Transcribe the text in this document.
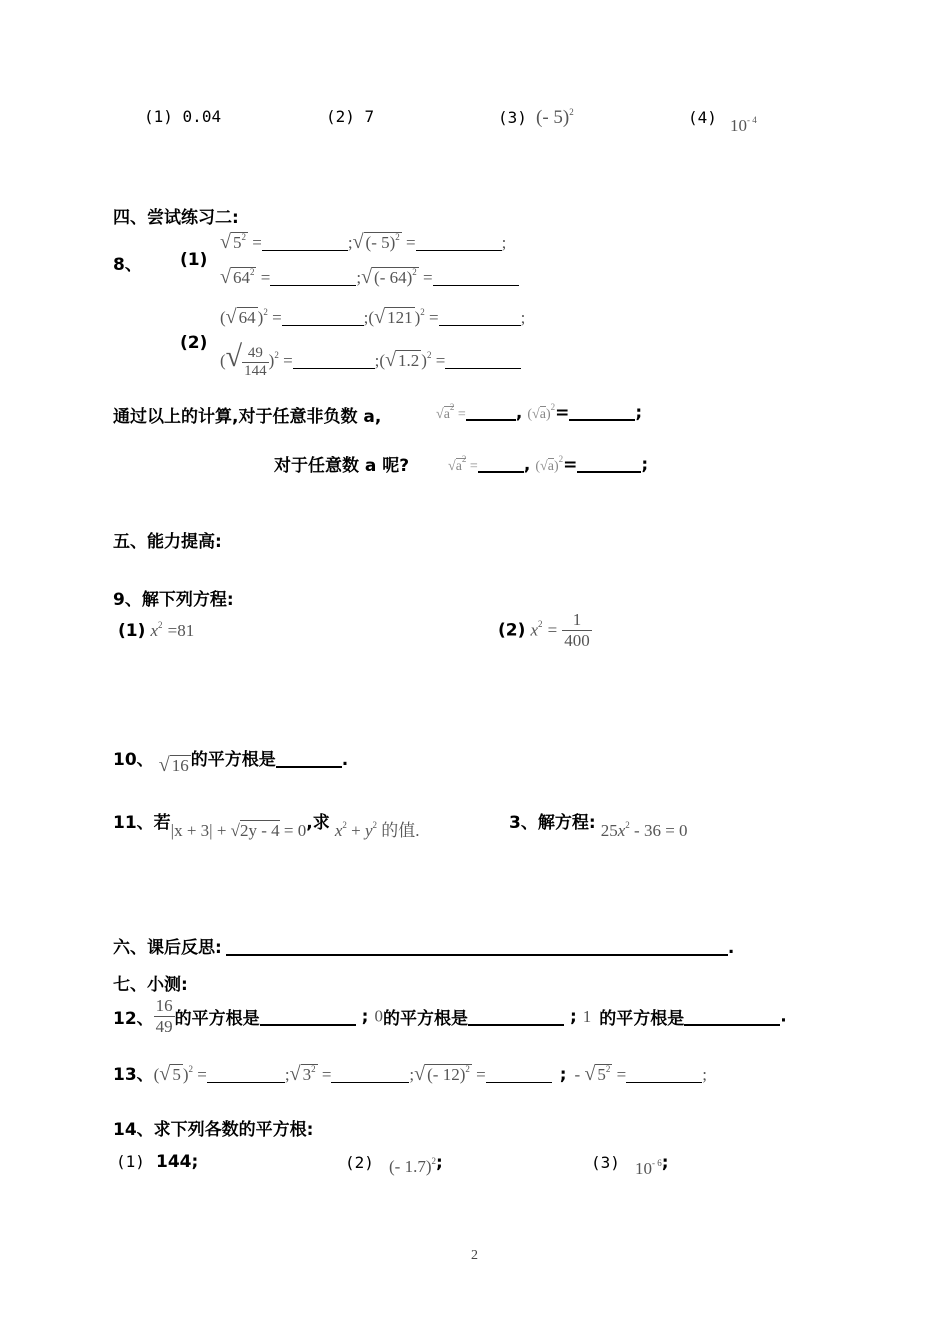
(1) 0.04	(2) 7	(3) (- 5)$^2$	(4) $10^{- 4}$
四、尝试练习二:
8、 (1)
√ $5^2$ =	;√ (- 5)$^2$ =	;
√ $64^2$ =	;√ (- 64)$^2$ =
(√ 64 )$^2$ =	;(√ 121 )$^2$ =	;
(2)
(√ $\frac{49}{144} )^2$ =	;(√ 1.2 )$^2$ =
通过以上的计算,对于任意非负数 a,	$√a^2$ =	, $(√a)^2=$	;
对于任意数 a 呢?	$√a^2$ =	, $(√a)^2=$	;
五、能力提高:
9、解下列方程:
(1) $x^2 =81$	(2) $x^2 = \frac{1}{400}$
10、 √ 16 的平方根是	.
11、若|x + 3| + √2y - 4 = 0,求 $x^2 + y^2$ 的值.	3、解方程: $25x^2 - 36 = 0$
六、课后反思:	.
七、小测:
12、 $\frac{16}{49}$ 的平方根是	; 0的平方根是	; 1 的平方根是	.
13、(√ 5 )$^2$ =	;√ $3^2$ =	;√ (- 12)$^2$ =	; - √ $5^2$ =	;
14、求下列各数的平方根:
(1) 144;	(2) (- 1.7)$^2$;	(3) $10^{- 6}$;
2
